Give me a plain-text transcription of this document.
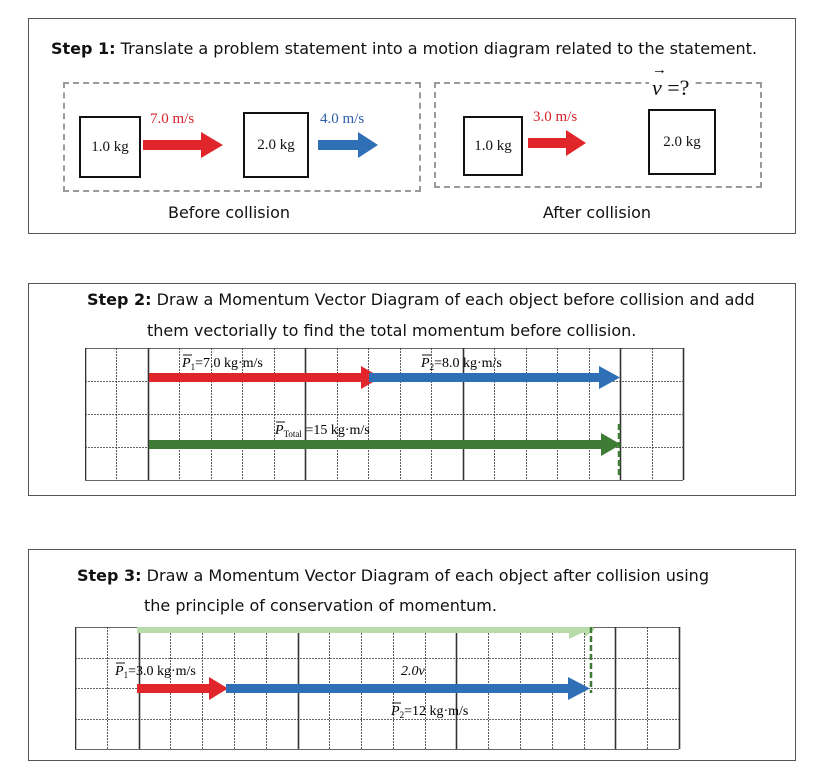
Step 1: Translate a problem statement into a motion diagram related to the statement.
1.0 kg
7.0 m/s
2.0 kg
4.0 m/s
Before collision
1.0 kg
3.0 m/s
2.0 kg
→
v =?
After collision
Step 2: Draw a Momentum Vector Diagram of each object before collision and add
them vectorially to find the total momentum before collision.
$P_1=7.0$ kg·m/s	$P_2=8.0$ kg·m/s
$P_{Total} =15$ kg·m/s
Step 3: Draw a Momentum Vector Diagram of each object after collision using
the principle of conservation of momentum.
$P_1=3.0$ kg·m/s	2.0v
$P_2=12$ kg·m/s
